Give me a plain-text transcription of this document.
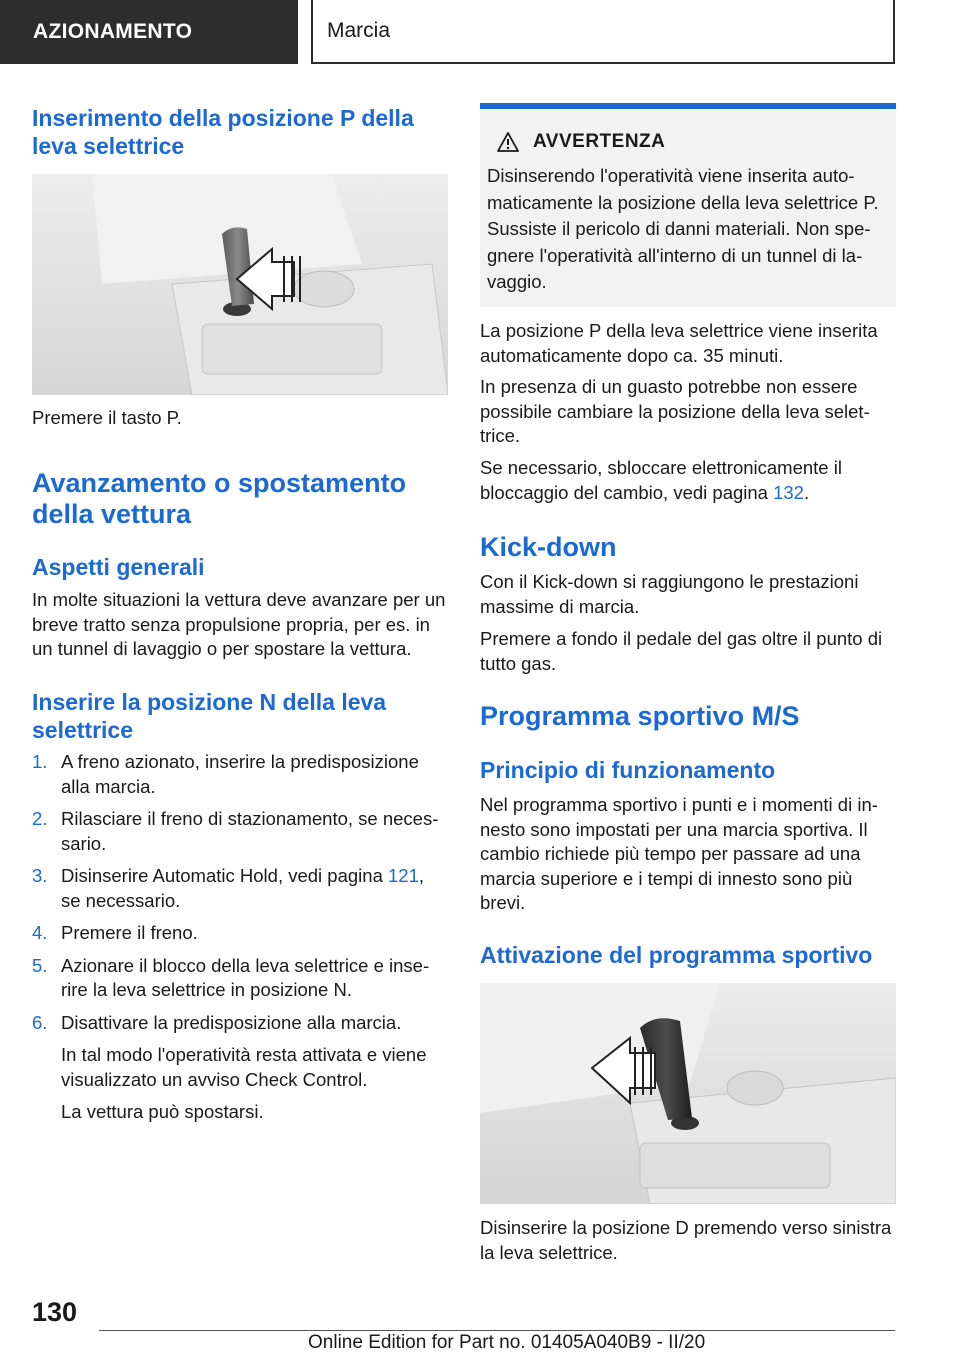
AZIONAMENTO	Marcia
Inserimento della posizione P della leva selettrice

Premere il tasto P.

Avanzamento o spostamento della vettura
Aspetti generali

In molte situazioni la vettura deve avanzare per un breve tratto senza propulsione propria, per es. in un tunnel di lavaggio o per spostare la vettura.

Inserire la posizione N della leva selettrice
1. A freno azionato, inserire la predisposizione alla marcia.
2. Rilasciare il freno di stazionamento, se necessario.
3. Disinserire Automatic Hold, vedi pagina 121, se necessario.
4. Premere il freno.
5. Azionare il blocco della leva selettrice e inserire la leva selettrice in posizione N.
6. Disattivare la predisposizione alla marcia.
In tal modo l'operatività resta attivata e viene visualizzato un avviso Check Control.
La vettura può spostarsi.
AVVERTENZA

Disinserendo l'operatività viene inserita automaticamente la posizione della leva selettrice P. Sussiste il pericolo di danni materiali. Non spegnere l'operatività all'interno di un tunnel di lavaggio.

La posizione P della leva selettrice viene inserita automaticamente dopo ca. 35 minuti.

In presenza di un guasto potrebbe non essere possibile cambiare la posizione della leva selettrice.

Se necessario, sbloccare elettronicamente il bloccaggio del cambio, vedi pagina 132.

Kick-down

Con il Kick-down si raggiungono le prestazioni massime di marcia.

Premere a fondo il pedale del gas oltre il punto di tutto gas.

Programma sportivo M/S
Principio di funzionamento

Nel programma sportivo i punti e i momenti di innesto sono impostati per una marcia sportiva. Il cambio richiede più tempo per passare ad una marcia superiore e i tempi di innesto sono più brevi.

Attivazione del programma sportivo

Disinserire la posizione D premendo verso sinistra la leva selettrice.

130
Online Edition for Part no. 01405A040B9 - II/20
